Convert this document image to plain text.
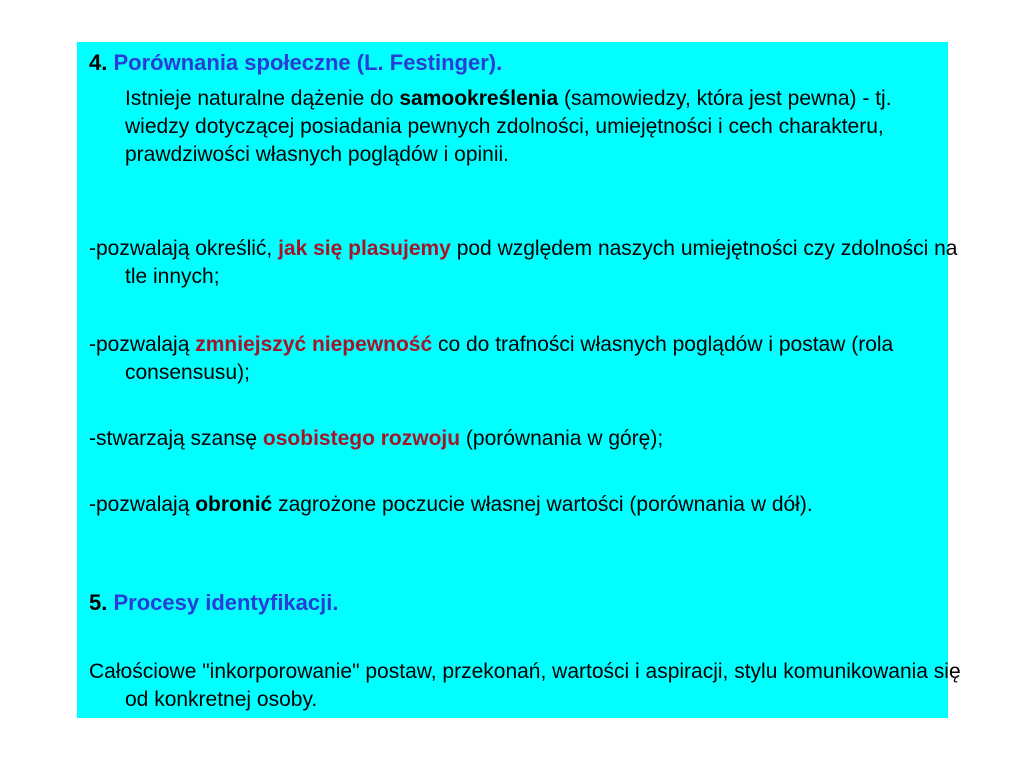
4. Porównania społeczne (L. Festinger).
Istnieje naturalne dążenie do samookreślenia (samowiedzy, która jest pewna) - tj. wiedzy dotyczącej posiadania pewnych zdolności, umiejętności i cech charakteru, prawdziwości własnych poglądów i opinii.
-pozwalają określić, jak się plasujemy pod względem naszych umiejętności czy zdolności na tle innych;
-pozwalają zmniejszyć niepewność co do trafności własnych poglądów i postaw (rola consensusu);
-stwarzają szansę osobistego rozwoju (porównania w górę);
-pozwalają obronić zagrożone poczucie własnej wartości (porównania w dół).
5. Procesy identyfikacji.
Całościowe "inkorporowanie" postaw, przekonań, wartości i aspiracji, stylu komunikowania się od konkretnej osoby.
